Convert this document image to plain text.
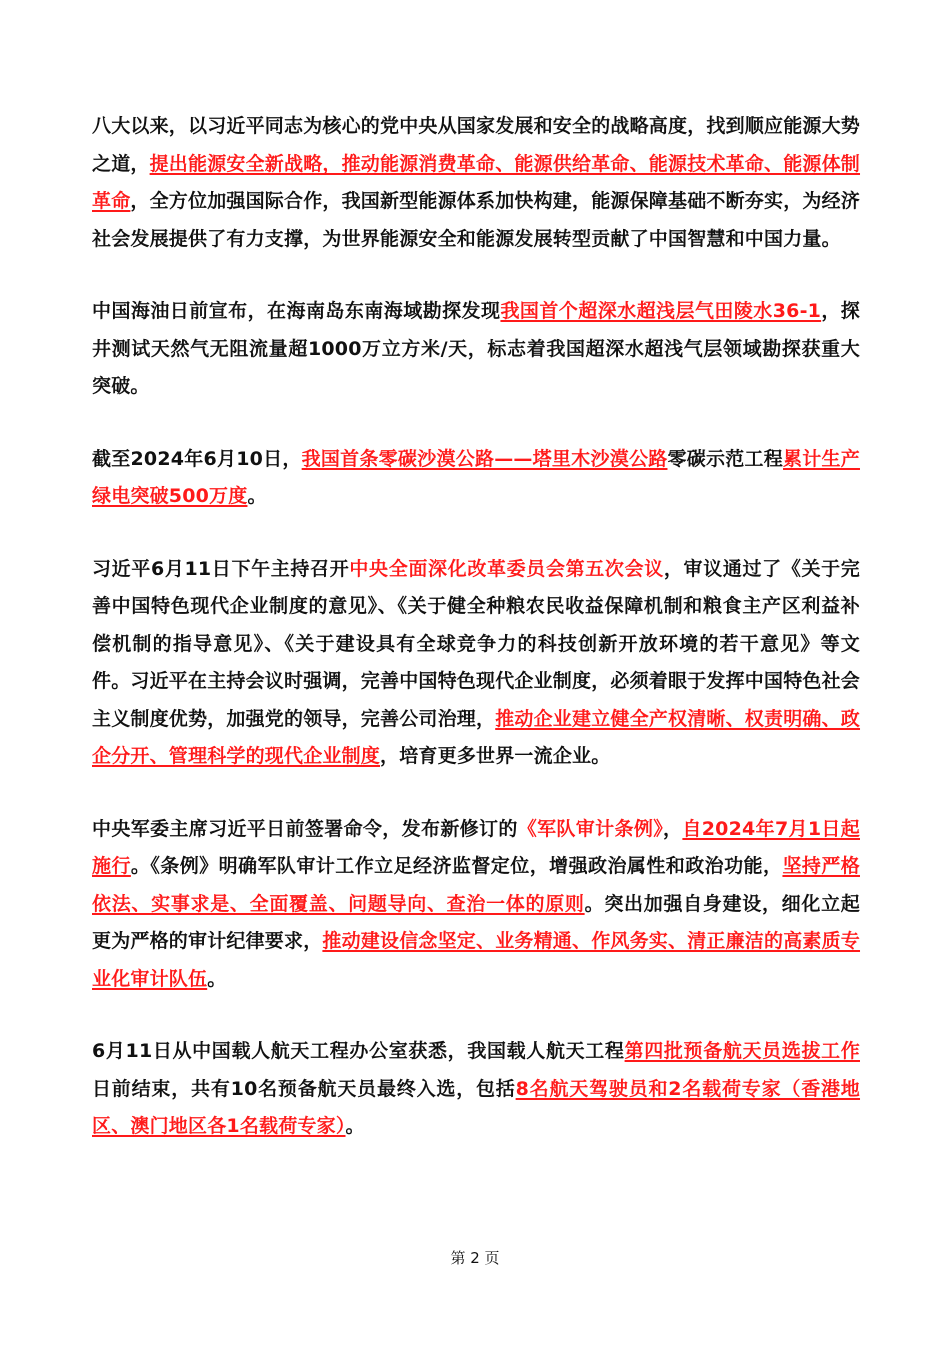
八大以来，以习近平同志为核心的党中央从国家发展和安全的战略高度，找到顺应能源大势之道，提出能源安全新战略，推动能源消费革命、能源供给革命、能源技术革命、能源体制革命，全方位加强国际合作，我国新型能源体系加快构建，能源保障基础不断夯实，为经济社会发展提供了有力支撑，为世界能源安全和能源发展转型贡献了中国智慧和中国力量。

中国海油日前宣布，在海南岛东南海域勘探发现我国首个超深水超浅层气田陵水36-1，探井测试天然气无阻流量超1000万立方米/天，标志着我国超深水超浅气层领域勘探获重大突破。

截至2024年6月10日，我国首条零碳沙漠公路——塔里木沙漠公路零碳示范工程累计生产绿电突破500万度。

习近平6月11日下午主持召开中央全面深化改革委员会第五次会议，审议通过了《关于完善中国特色现代企业制度的意见》、《关于健全种粮农民收益保障机制和粮食主产区利益补偿机制的指导意见》、《关于建设具有全球竞争力的科技创新开放环境的若干意见》等文件。习近平在主持会议时强调，完善中国特色现代企业制度，必须着眼于发挥中国特色社会主义制度优势，加强党的领导，完善公司治理，推动企业建立健全产权清晰、权责明确、政企分开、管理科学的现代企业制度，培育更多世界一流企业。

中央军委主席习近平日前签署命令，发布新修订的《军队审计条例》，自2024年7月1日起施行。《条例》明确军队审计工作立足经济监督定位，增强政治属性和政治功能，坚持严格依法、实事求是、全面覆盖、问题导向、查治一体的原则。突出加强自身建设，细化立起更为严格的审计纪律要求，推动建设信念坚定、业务精通、作风务实、清正廉洁的高素质专业化审计队伍。

6月11日从中国载人航天工程办公室获悉，我国载人航天工程第四批预备航天员选拔工作日前结束，共有10名预备航天员最终入选，包括8名航天驾驶员和2名载荷专家（香港地区、澳门地区各1名载荷专家）。

第 2 页
